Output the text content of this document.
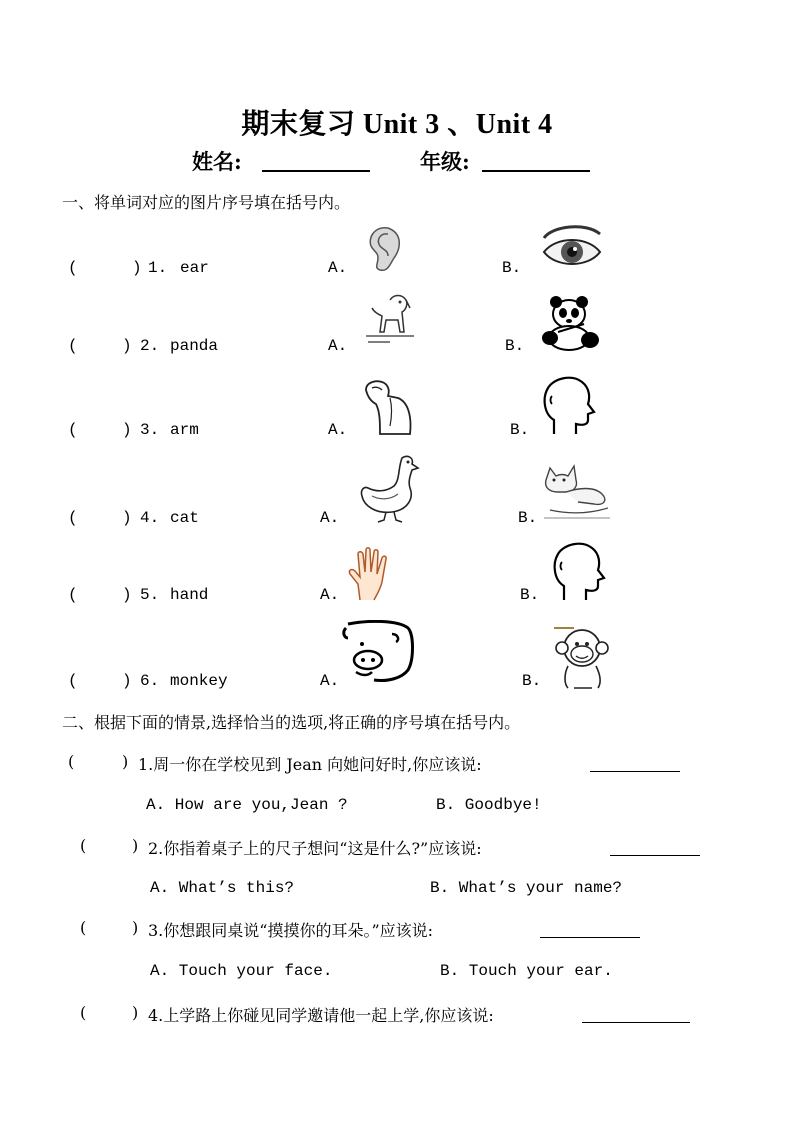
期末复习 Unit 3 、Unit 4
姓名:	年级:
一、将单词对应的图片序号填在括号内。
(	) 1. ear	A.	B.
(	) 2. panda	A.	B.
(	) 3. arm	A.	B.
(	) 4. cat	A.	B.
(	) 5. hand	A.	B.
(	) 6. monkey	A.	B.
二、根据下面的情景,选择恰当的选项,将正确的序号填在括号内。
(	) 1.周一你在学校见到 Jean 向她问好时,你应该说:
A. How are you,Jean ?	B. Goodbye!
(	) 2.你指着桌子上的尺子想问“这是什么?”应该说:
A. What’s this?	B. What’s your name?
(	) 3.你想跟同桌说“摸摸你的耳朵。”应该说:
A. Touch your face.	B. Touch your ear.
(	) 4.上学路上你碰见同学邀请他一起上学,你应该说:
